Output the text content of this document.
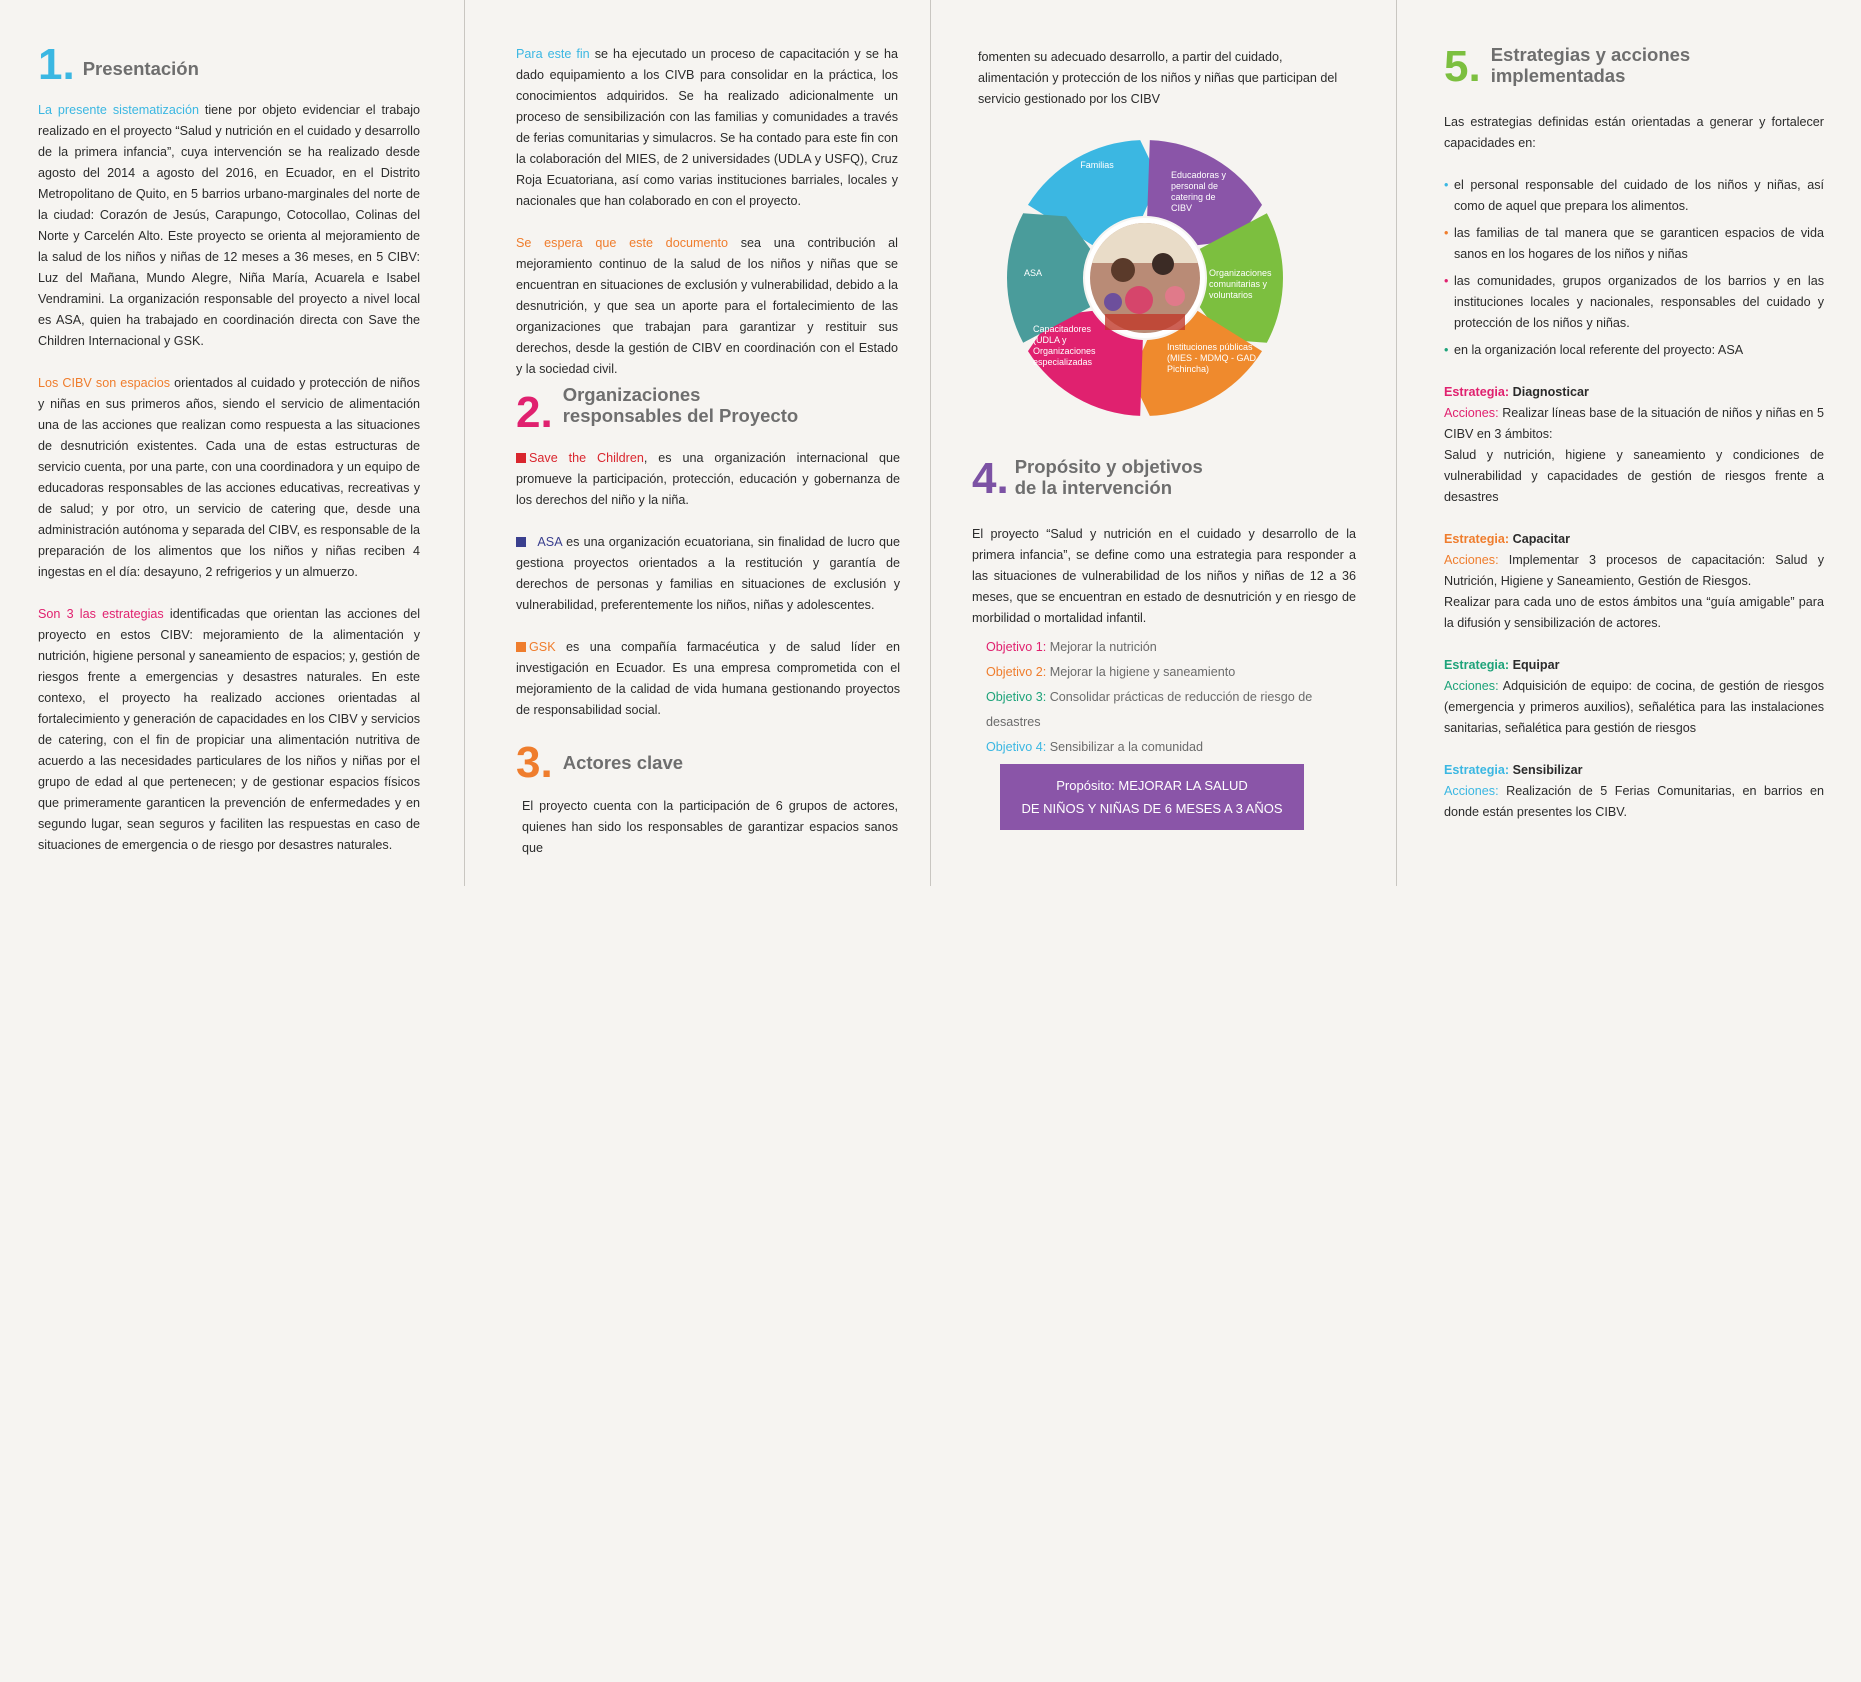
1. Presentación

La presente sistematización tiene por objeto evidenciar el trabajo realizado en el proyecto “Salud y nutrición en el cuidado y desarrollo de la primera infancia”, cuya intervención se ha realizado desde agosto del 2014 a agosto del 2016, en Ecuador, en el Distrito Metropolitano de Quito, en 5 barrios urbano-marginales del norte de la ciudad: Corazón de Jesús, Carapungo, Cotocollao, Colinas del Norte y Carcelén Alto. Este proyecto se orienta al mejoramiento de la salud de los niños y niñas de 12 meses a 36 meses, en 5 CIBV: Luz del Mañana, Mundo Alegre, Niña María, Acuarela e Isabel Vendramini. La organización responsable del proyecto a nivel local es ASA, quien ha trabajado en coordinación directa con Save the Children Internacional y GSK.

Los CIBV son espacios orientados al cuidado y protección de niños y niñas en sus primeros años, siendo el servicio de alimentación una de las acciones que realizan como respuesta a las situaciones de desnutrición existentes. Cada una de estas estructuras de servicio cuenta, por una parte, con una coordinadora y un equipo de educadoras responsables de las acciones educativas, recreativas y de salud; y por otro, un servicio de catering que, desde una administración autónoma y separada del CIBV, es responsable de la preparación de los alimentos que los niños y niñas reciben 4 ingestas en el día: desayuno, 2 refrigerios y un almuerzo.

Son 3 las estrategias identificadas que orientan las acciones del proyecto en estos CIBV: mejoramiento de la alimentación y nutrición, higiene personal y saneamiento de espacios; y, gestión de riesgos frente a emergencias y desastres naturales. En este contexo, el proyecto ha realizado acciones orientadas al fortalecimiento y generación de capacidades en los CIBV y servicios de catering, con el fin de propiciar una alimentación nutritiva de acuerdo a las necesidades particulares de los niños y niñas por el grupo de edad al que pertenecen; y de gestionar espacios físicos que primeramente garanticen la prevención de enfermedades y en segundo lugar, sean seguros y faciliten las respuestas en caso de situaciones de emergencia o de riesgo por desastres naturales.

Para este fin se ha ejecutado un proceso de capacitación y se ha dado equipamiento a los CIVB para consolidar en la práctica, los conocimientos adquiridos. Se ha realizado adicionalmente un proceso de sensibilización con las familias y comunidades a través de ferias comunitarias y simulacros. Se ha contado para este fin con la colaboración del MIES, de 2 universidades (UDLA y USFQ), Cruz Roja Ecuatoriana, así como varias instituciones barriales, locales y nacionales que han colaborado en con el proyecto.

Se espera que este documento sea una contribución al mejoramiento continuo de la salud de los niños y niñas que se encuentran en situaciones de exclusión y vulnerabilidad, debido a la desnutrición, y que sea un aporte para el fortalecimiento de las organizaciones que trabajan para garantizar y restituir sus derechos, desde la gestión de CIBV en coordinación con el Estado y la sociedad civil.

2. Organizaciones
responsables del Proyecto

Save the Children, es una organización internacional que promueve la participación, protección, educación y gobernanza de los derechos del niño y la niña.

ASA es una organización ecuatoriana, sin finalidad de lucro que gestiona proyectos orientados a la restitución y garantía de derechos de personas y familias en situaciones de exclusión y vulnerabilidad, preferentemente los niños, niñas y adolescentes.

GSK es una compañía farmacéutica y de salud líder en investigación en Ecuador. Es una empresa comprometida con el mejoramiento de la calidad de vida humana gestionando proyectos de responsabilidad social.

3. Actores clave

El proyecto cuenta con la participación de 6 grupos de actores, quienes han sido los responsables de garantizar espacios sanos que

fomenten su adecuado desarrollo, a partir del cuidado, alimentación y protección de los niños y niñas que participan del servicio gestionado por los CIBV

Familias
Educadoras y personal de catering de CIBV
Organizaciones comunitarias y voluntarios
Instituciones públicas (MIES - MDMQ - GAD Pichincha)
Capacitadores (UDLA y Organizaciones especializadas
ASA
4. Propósito y objetivos
de la intervención

El proyecto “Salud y nutrición en el cuidado y desarrollo de la primera infancia”, se define como una estrategia para responder a las situaciones de vulnerabilidad de los niños y niñas de 12 a 36 meses, que se encuentran en estado de desnutrición y en riesgo de morbilidad o mortalidad infantil.

Objetivo 1: Mejorar la nutrición
Objetivo 2: Mejorar la higiene y saneamiento
Objetivo 3: Consolidar prácticas de reducción de riesgo de desastres
Objetivo 4: Sensibilizar a la comunidad
Propósito: MEJORAR LA SALUD
DE NIÑOS Y NIÑAS DE 6 MESES A 3 AÑOS
5. Estrategias y acciones
implementadas

Las estrategias definidas están orientadas a generar y fortalecer capacidades en:

• el personal responsable del cuidado de los niños y niñas, así como de aquel que prepara los alimentos.

• las familias de tal manera que se garanticen espacios de vida sanos en los hogares de los niños y niñas

• las comunidades, grupos organizados de los barrios y en las instituciones locales y nacionales, responsables del cuidado y protección de los niños y niñas.

• en la organización local referente del proyecto: ASA

Estrategia: Diagnosticar

Acciones: Realizar líneas base de la situación de niños y niñas en 5 CIBV en 3 ámbitos:

Salud y nutrición, higiene y saneamiento y condiciones de vulnerabilidad y capacidades de gestión de riesgos frente a desastres

Estrategia: Capacitar

Acciones: Implementar 3 procesos de capacitación: Salud y Nutrición, Higiene y Saneamiento, Gestión de Riesgos.

Realizar para cada uno de estos ámbitos una “guía amigable” para la difusión y sensibilización de actores.

Estrategia: Equipar

Acciones: Adquisición de equipo: de cocina, de gestión de riesgos (emergencia y primeros auxilios), señalética para las instalaciones sanitarias, señalética para gestión de riesgos

Estrategia: Sensibilizar

Acciones: Realización de 5 Ferias Comunitarias, en barrios en donde están presentes los CIBV.
